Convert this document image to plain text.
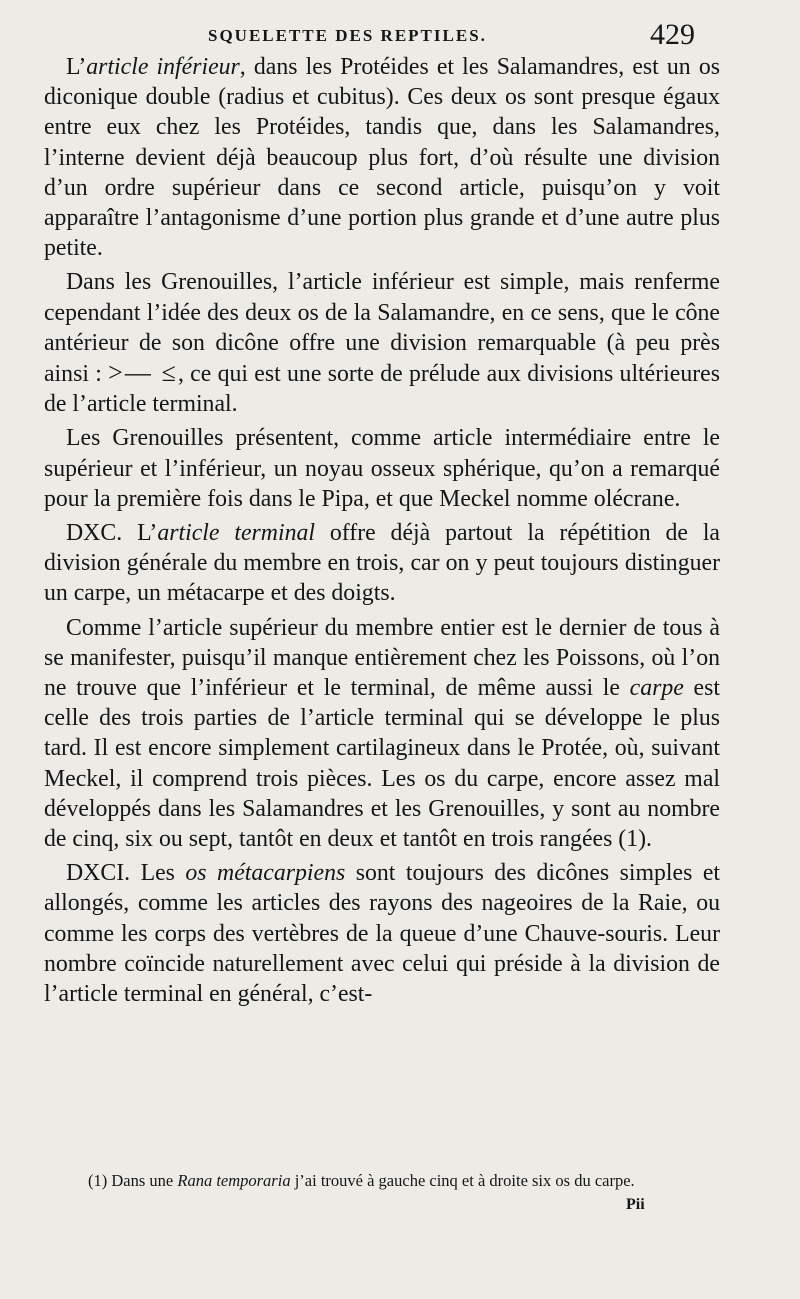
SQUELETTE DES REPTILES.	429

L’article inférieur, dans les Protéides et les Salamandres, est un os diconique double (radius et cubitus). Ces deux os sont presque égaux entre eux chez les Protéides, tandis que, dans les Salamandres, l’interne devient déjà beaucoup plus fort, d’où résulte une division d’un ordre supérieur dans ce second article, puisqu’on y voit apparaître l’antagonisme d’une portion plus grande et d’une autre plus petite.

Dans les Grenouilles, l’article inférieur est simple, mais renferme cependant l’idée des deux os de la Salamandre, en ce sens, que le cône antérieur de son dicône offre une division remarquable (à peu près ainsi : >— ≤, ce qui est une sorte de prélude aux divisions ultérieures de l’article terminal.

Les Grenouilles présentent, comme article intermédiaire entre le supérieur et l’inférieur, un noyau osseux sphérique, qu’on a remarqué pour la première fois dans le Pipa, et que Meckel nomme olécrane.

DXC. L’article terminal offre déjà partout la répétition de la division générale du membre en trois, car on y peut toujours distinguer un carpe, un métacarpe et des doigts.

Comme l’article supérieur du membre entier est le dernier de tous à se manifester, puisqu’il manque entièrement chez les Poissons, où l’on ne trouve que l’inférieur et le terminal, de même aussi le carpe est celle des trois parties de l’article terminal qui se développe le plus tard. Il est encore simplement cartilagineux dans le Protée, où, suivant Meckel, il comprend trois pièces. Les os du carpe, encore assez mal développés dans les Salamandres et les Grenouilles, y sont au nombre de cinq, six ou sept, tantôt en deux et tantôt en trois rangées (1).

DXCI. Les os métacarpiens sont toujours des dicônes simples et allongés, comme les articles des rayons des nageoires de la Raie, ou comme les corps des vertèbres de la queue d’une Chauve-souris. Leur nombre coïncide naturellement avec celui qui préside à la division de l’article terminal en général, c’est-

(1) Dans une Rana temporaria j’ai trouvé à gauche cinq et à droite six os du carpe.

Pii
